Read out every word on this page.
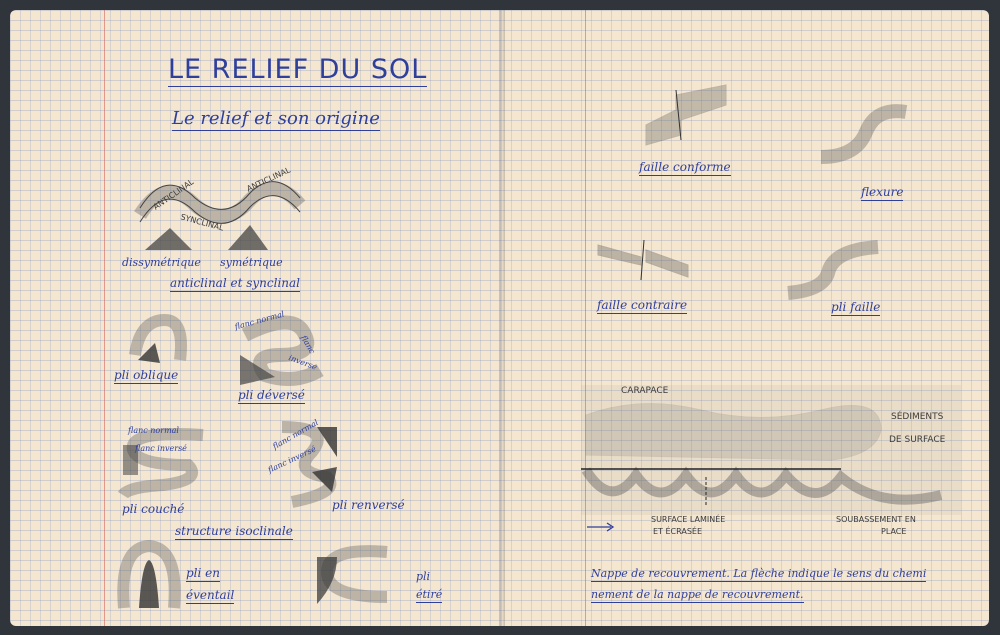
LE RELIEF DU SOL
Le relief et son origine
ANTICLINAL	ANTICLINAL
SYNCLINAL
dissymétrique symétrique
anticlinal et synclinal
pli oblique
flanc normal
flanc
inverse
pli déversé
flanc normal
flanc inversé
pli couché
flanc normal
flanc inversé
pli renversé
structure isoclinale
pli en
éventail
pli
étiré
faille conforme
flexure
faille contraire	pli faille
CARAPACE
SÉDIMENTS
DE SURFACE
SURFACE LAMINÉE
ET ÉCRASÉE
SOUBASSEMENT EN
PLACE
Nappe de recouvrement. La flèche indique le sens du chemi
nement de la nappe de recouvrement.
